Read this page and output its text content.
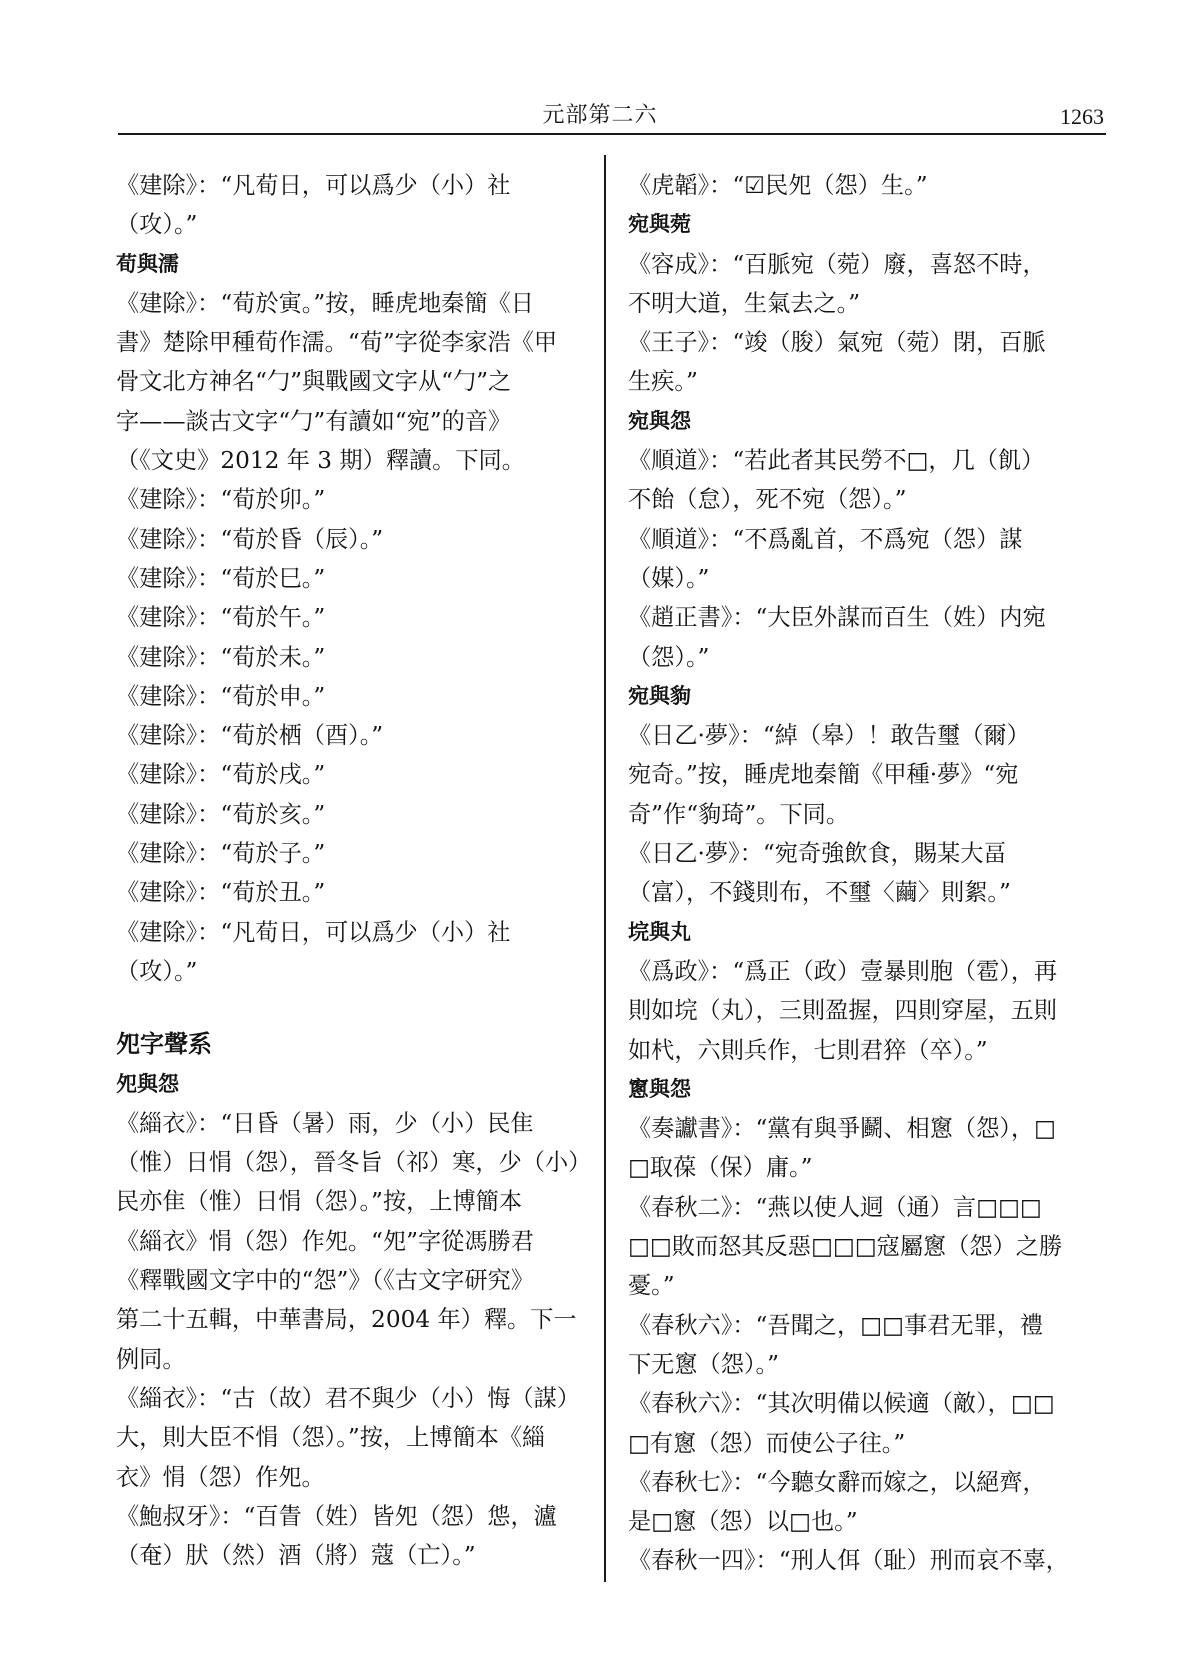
元部第二六	1263
《建除》：“凡荀日，可以爲少（小）社
（攻）。”
荀與濡
《建除》：“荀於寅。”按，睡虎地秦簡《日
書》楚除甲種荀作濡。“荀”字從李家浩《甲
骨文北方神名“勹”與戰國文字从“勹”之
字——談古文字“勹”有讀如“宛”的音》
（《文史》2012 年 3 期）釋讀。下同。
《建除》：“荀於卯。”
《建除》：“荀於昏（辰）。”
《建除》：“荀於巳。”
《建除》：“荀於午。”
《建除》：“荀於未。”
《建除》：“荀於申。”
《建除》：“荀於栖（酉）。”
《建除》：“荀於戌。”
《建除》：“荀於亥。”
《建除》：“荀於子。”
《建除》：“荀於丑。”
《建除》：“凡荀日，可以爲少（小）社
（攻）。”
夗字聲系
夗與怨
《緇衣》：“日昏（暑）雨，少（小）民隹
（惟）日悁（怨），晉冬旨（祁）寒，少（小）
民亦隹（惟）日悁（怨）。”按，上博簡本
《緇衣》悁（怨）作夗。“夗”字從馮勝君
《釋戰國文字中的“怨”》（《古文字研究》
第二十五輯，中華書局，2004 年）釋。下一
例同。
《緇衣》：“古（故）君不與少（小）悔（謀）
大，則大臣不悁（怨）。”按，上博簡本《緇
衣》悁（怨）作夗。
《鮑叔牙》：“百眚（姓）皆夗（怨）怹，瀘
（奄）肰（然）酒（將）蔻（亡）。”
《虎韜》：“☑民夗（怨）生。”
宛與菀
《容成》：“百脈宛（菀）廢，喜怒不時，
不明大道，生氣去之。”
《王子》：“竣（朘）氣宛（菀）閉，百脈
生疾。”
宛與怨
《順道》：“若此者其民勞不□，几（飢）
不飴（怠），死不宛（怨）。”
《順道》：“不爲亂首，不爲宛（怨）謀
（媒）。”
《趙正書》：“大臣外謀而百生（姓）内宛
（怨）。”
宛與豿
《日乙·夢》：“綽（皋）！敢告璽（爾）
宛奇。”按，睡虎地秦簡《甲種·夢》“宛
奇”作“豿琦”。下同。
《日乙·夢》：“宛奇強飲食，賜某大畐
（富），不錢則布，不璽〈繭〉則絮。”
垸與丸
《爲政》：“爲正（政）壹暴則胞（雹），再
則如垸（丸），三則盈握，四則穿屋，五則
如杙，六則兵作，七則君猝（卒）。”
窻與怨
《奏讞書》：“黨有與爭鬬、相窻（怨），□
□取葆（保）庸。”
《春秋二》：“燕以使人迵（通）言□□□
□□敗而怒其反惡□□□寇屬窻（怨）之勝
憂。”
《春秋六》：“吾聞之，□□事君无罪，禮
下无窻（怨）。”
《春秋六》：“其次明備以候適（敵），□□
□有窻（怨）而使公子往。”
《春秋七》：“今聽女辭而嫁之，以絕齊，
是□窻（怨）以□也。”
《春秋一四》：“刑人佴（耻）刑而哀不辜，
